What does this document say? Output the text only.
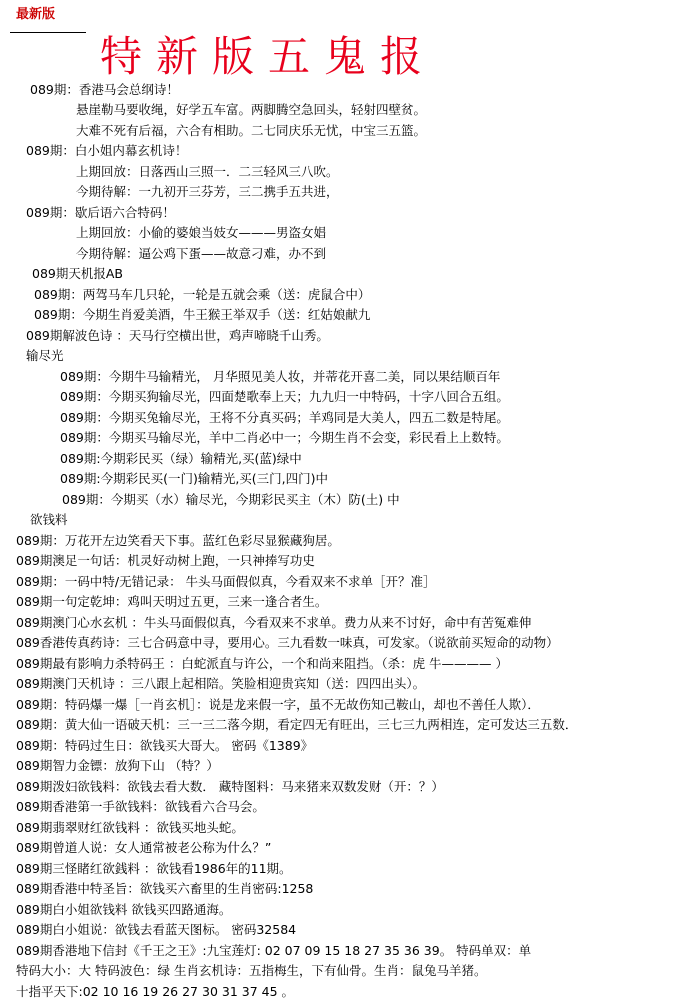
最新版
特新版五鬼报
089期：香港马会总纲诗！
悬崖勒马要收绳，好学五车富。两脚腾空急回头，轻射四壁贫。
大难不死有后福，六合有相助。二七同庆乐无忧，中宝三五篮。
089期：白小姐内幕玄机诗！
上期回放：日落西山三照一．二三轻风三八吹。
今期待解：一九初开三芬芳，三二携手五共进，
089期：歇后语六合特码！
上期回放：小偷的婆娘当妓女———男盗女娼
今期待解：逼公鸡下蛋——故意刁难，办不到
089期天机报AB
089期：两驾马车几只轮，一轮是五就会乘（送：虎鼠合中）
089期：今期生肖爱美酒，牛王猴王举双手（送：红姑娘献九
089期解波色诗 ：天马行空横出世，鸡声啼晓千山秀。
输尽光
089期：今期牛马输精光， 月华照见美人妆，并蒂花开喜二美，同以果结顺百年
089期：今期买狗输尽光，四面楚歌奉上天；九九归一中特码，十字八回合五组。
089期：今期买兔输尽光，王将不分真买码；羊鸡同是大美人，四五二数是特尾。
089期：今期买马输尽光，羊中二肖必中一；今期生肖不会变，彩民看上上数特。
089期:今期彩民买（绿）输精光,买(蓝)绿中
089期:今期彩民买(一门)输精光,买(三门,四门)中
089期：今期买（水）输尽光，今期彩民买主（木）防(土) 中
欲钱料
089期：万花开左边笑看天下事。蓝红色彩尽显猴藏狗居。
089期澳足一句话：机灵好动树上跑，一只神捧写功史
089期：一码中特/无错记录： 牛头马面假似真，今看双来不求单［开？准］
089期一句定乾坤：鸡叫天明过五更，三来一逢合者生。
089期澳门心水玄机 ：牛头马面假似真，今看双来不求单。费力从来不讨好，命中有苦冤难伸
089香港传真药诗：三七合码意中寻，要用心。三九看数一味真，可发家。（说欲前买短命的动物）
089期最有影响力杀特码王 ：白蛇派直与许公，一个和尚来阻挡。（杀：虎 牛———— ）
089期澳门天机诗 ：三八跟上起相陪。笑脸相迎贵宾知（送：四四出头）。
089期：特码爆一爆［一肖玄机］：说是龙来假一字，虽不无故伤知己鞍山，却也不善任人欺）．
089期：黄大仙一语破天机：三一三二落今期，看定四无有旺出，三七三九两相连，定可发达三五数．
089期：特码过生日：欲钱买大哥大。 密码《1389》
089期智力金镖：放狗下山 （特？）
089期泼妇欲钱料：欲钱去看大数． 藏特图料：马来猪来双数发财（开：？）
089期香港第一手欲钱料：欲钱看六合马会。
089期翡翠财红欲钱料 ：欲钱买地头蛇。
089期曾道人说：女人通常被老公称为什么？”
089期三怪睹红欲銭料 ：欲钱看1986年的11期。
089期香港中特圣旨：欲钱买六畜里的生肖密码:1258
089期白小姐欲钱料 欲钱买四路通海。
089期白小姐说：欲钱去看蓝天图标。 密码32584
089期香港地下信封《千王之王》:九宝莲灯: 02 07 09 15 18 27 35 36 39。 特码单双：单
特码大小：大 特码波色：绿 生肖玄机诗：五指梅生，下有仙骨。生肖：鼠兔马羊猪。
十指平天下:02 10 16 19 26 27 30 31 37 45 。
